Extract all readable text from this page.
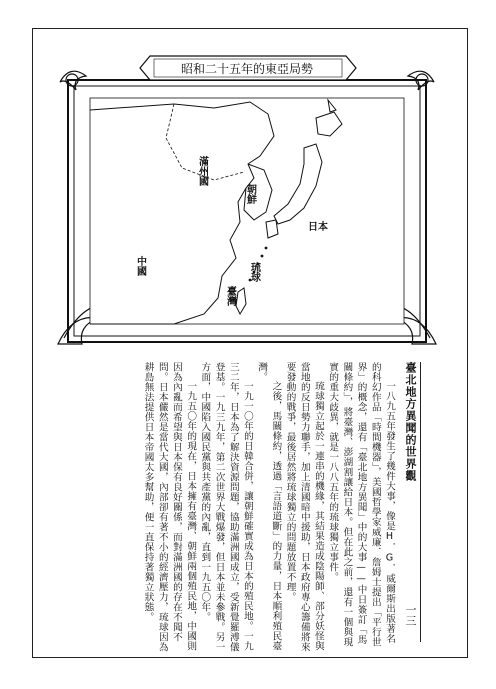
昭和二十五年的東亞局勢
滿州國
朝鮮
日本
中國	琉球
臺灣

一八九五年發生了幾件大事，像是H．G．威爾斯出版著名的科幻作品「時間機器」，美國哲學家威廉．詹姆士提出「平行世界」的概念，還有「臺北地方異聞」中的大事——中日簽訂「馬關條約」，將臺灣、澎湖割讓給日本。但在此之前，還有一個與現實的重大歧異，就是一八八五年的琉球獨立事件。

琉球獨立起於一連串的機緣，其結果造成陰陽師、部分妖怪與當地的反日勢力聯手，加上清國暗中援助，日本政府專心籌備將來要發動的戰爭，最後居然將琉球獨立的問題放置不理。

之後，馬關條約，透過「言語道斷」的力量，日本順利殖民臺灣。

一九一〇年的日韓合併，讓朝鮮確實成為日本的殖民地。一九三二年，日本為了解決資源問題，協助滿洲國成立，受新覺羅溥儀登基。一九三九年，第二次世界大戰爆發，但日本並未參戰。另一方面，中國陷入國民黨與共產黨的內亂，直到一九五〇年。

一九五〇年的現在，日本擁有臺灣、朝鮮兩個殖民地，中國則因為內亂而希望與日本保有良好關係，而對滿洲國的存在不聞不問。日本儼然是當代大國，內部卻有著不小的經濟壓力，琉球因為耕島無法提供日本帝國太多幫助，便一直保持著獨立狀態。	臺北地方異聞的世界觀
一三
